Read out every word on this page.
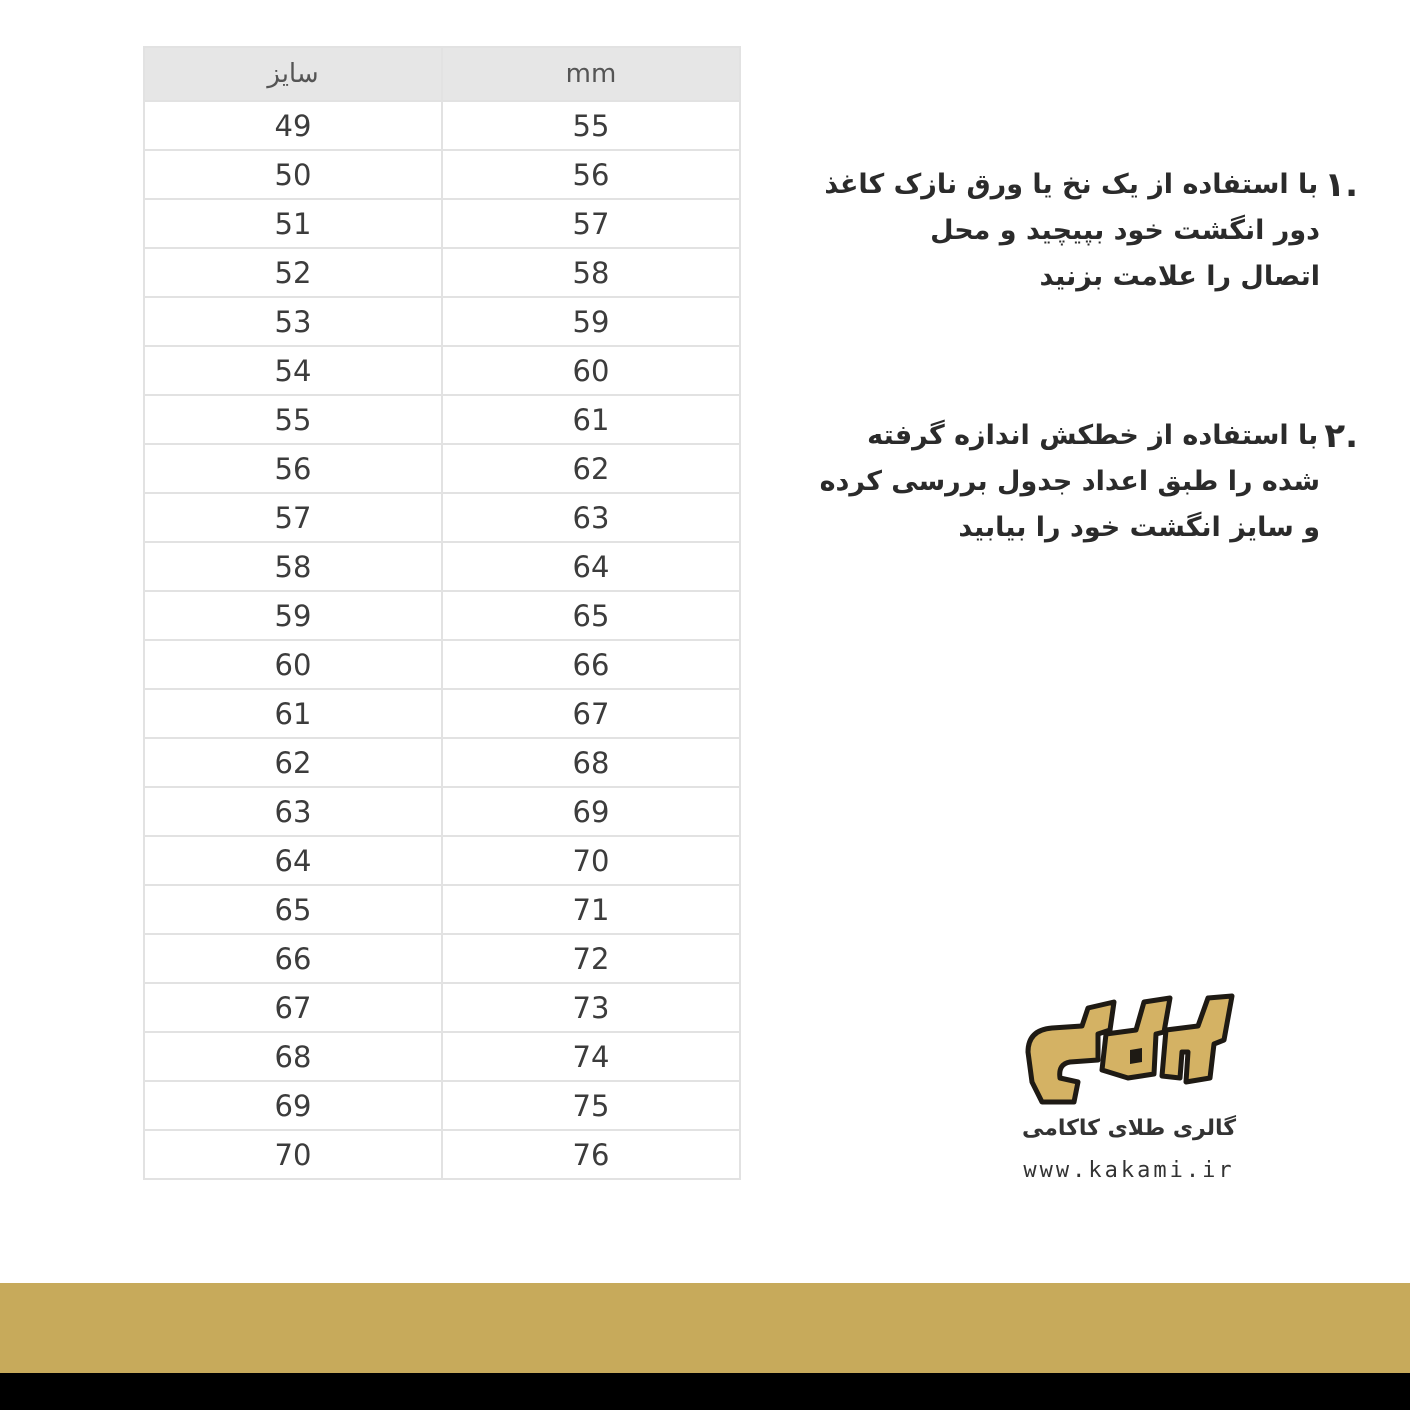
سایز	mm
49	55
50	56
51	57
52	58
53	59
54	60
55	61
56	62
57	63
58	64
59	65
60	66
61	67
62	68
63	69
64	70
65	71
66	72
67	73
68	74
69	75
70	76
.۱با استفاده از یک نخ یا ورق نازک کاغذ
دور انگشت خود بپیچید و محل
اتصال را علامت بزنید
.۲با استفاده از خطکش اندازه گرفته
شده را طبق اعداد جدول بررسی کرده
و سایز انگشت خود را بیابید
گالری طلای کاکامی
www.kakami.ir
